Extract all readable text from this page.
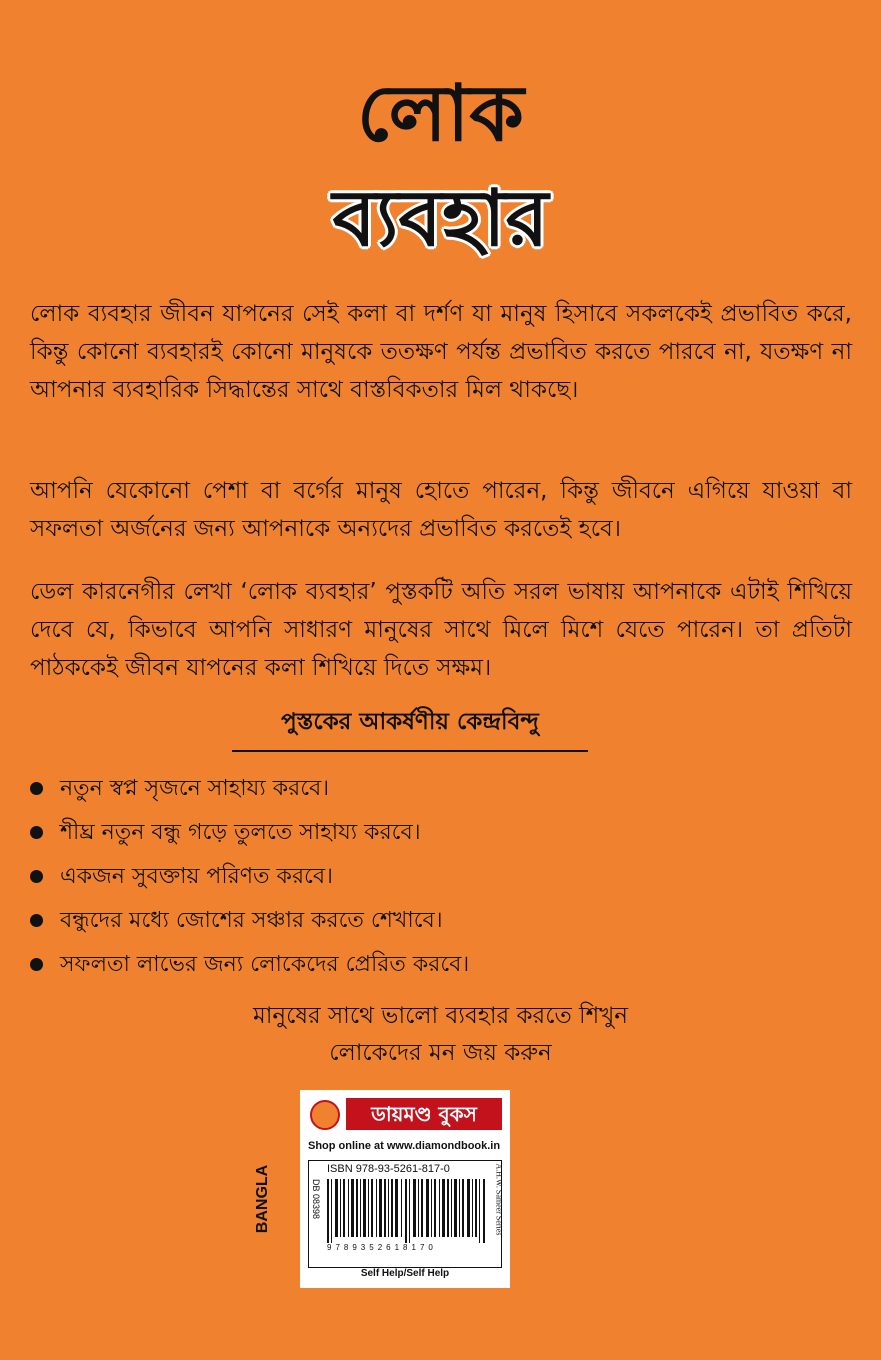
লোক
ব্যবহার
লোক ব্যবহার জীবন যাপনের সেই কলা বা দর্শণ যা মানুষ হিসাবে সকলকেই প্রভাবিত করে, কিন্তু কোনো ব্যবহারই কোনো মানুষকে ততক্ষণ পর্যন্ত প্রভাবিত করতে পারবে না, যতক্ষণ না আপনার ব্যবহারিক সিদ্ধান্তের সাথে বাস্তবিকতার মিল থাকছে।
আপনি যেকোনো পেশা বা বর্গের মানুষ হোতে পারেন, কিন্তু জীবনে এগিয়ে যাওয়া বা সফলতা অর্জনের জন্য আপনাকে অন্যদের প্রভাবিত করতেই হবে।
ডেল কারনেগীর লেখা ‘লোক ব্যবহার’ পুস্তকটি অতি সরল ভাষায় আপনাকে এটাই শিখিয়ে দেবে যে, কিভাবে আপনি সাধারণ মানুষের সাথে মিলে মিশে যেতে পারেন। তা প্রতিটা পাঠককেই জীবন যাপনের কলা শিখিয়ে দিতে সক্ষম।
পুস্তকের আকর্ষণীয় কেন্দ্রবিন্দু
নতুন স্বপ্ন সৃজনে সাহায্য করবে।
শীঘ্র নতুন বন্ধু গড়ে তুলতে সাহায্য করবে।
একজন সুবক্তায় পরিণত করবে।
বন্ধুদের মধ্যে জোশের সঞ্চার করতে শেখাবে।
সফলতা লাভের জন্য লোকেদের প্রেরিত করবে।
মানুষের সাথে ভালো ব্যবহার করতে শিখুন
লোকেদের মন জয় করুন
BANGLA
ডায়মণ্ড বুকস
Shop online at www.diamondbook.in
ISBN 978-93-5261-817-0
DB 08398	A.H.W. Sameer Series
9789352618170
Self Help/Self Help
